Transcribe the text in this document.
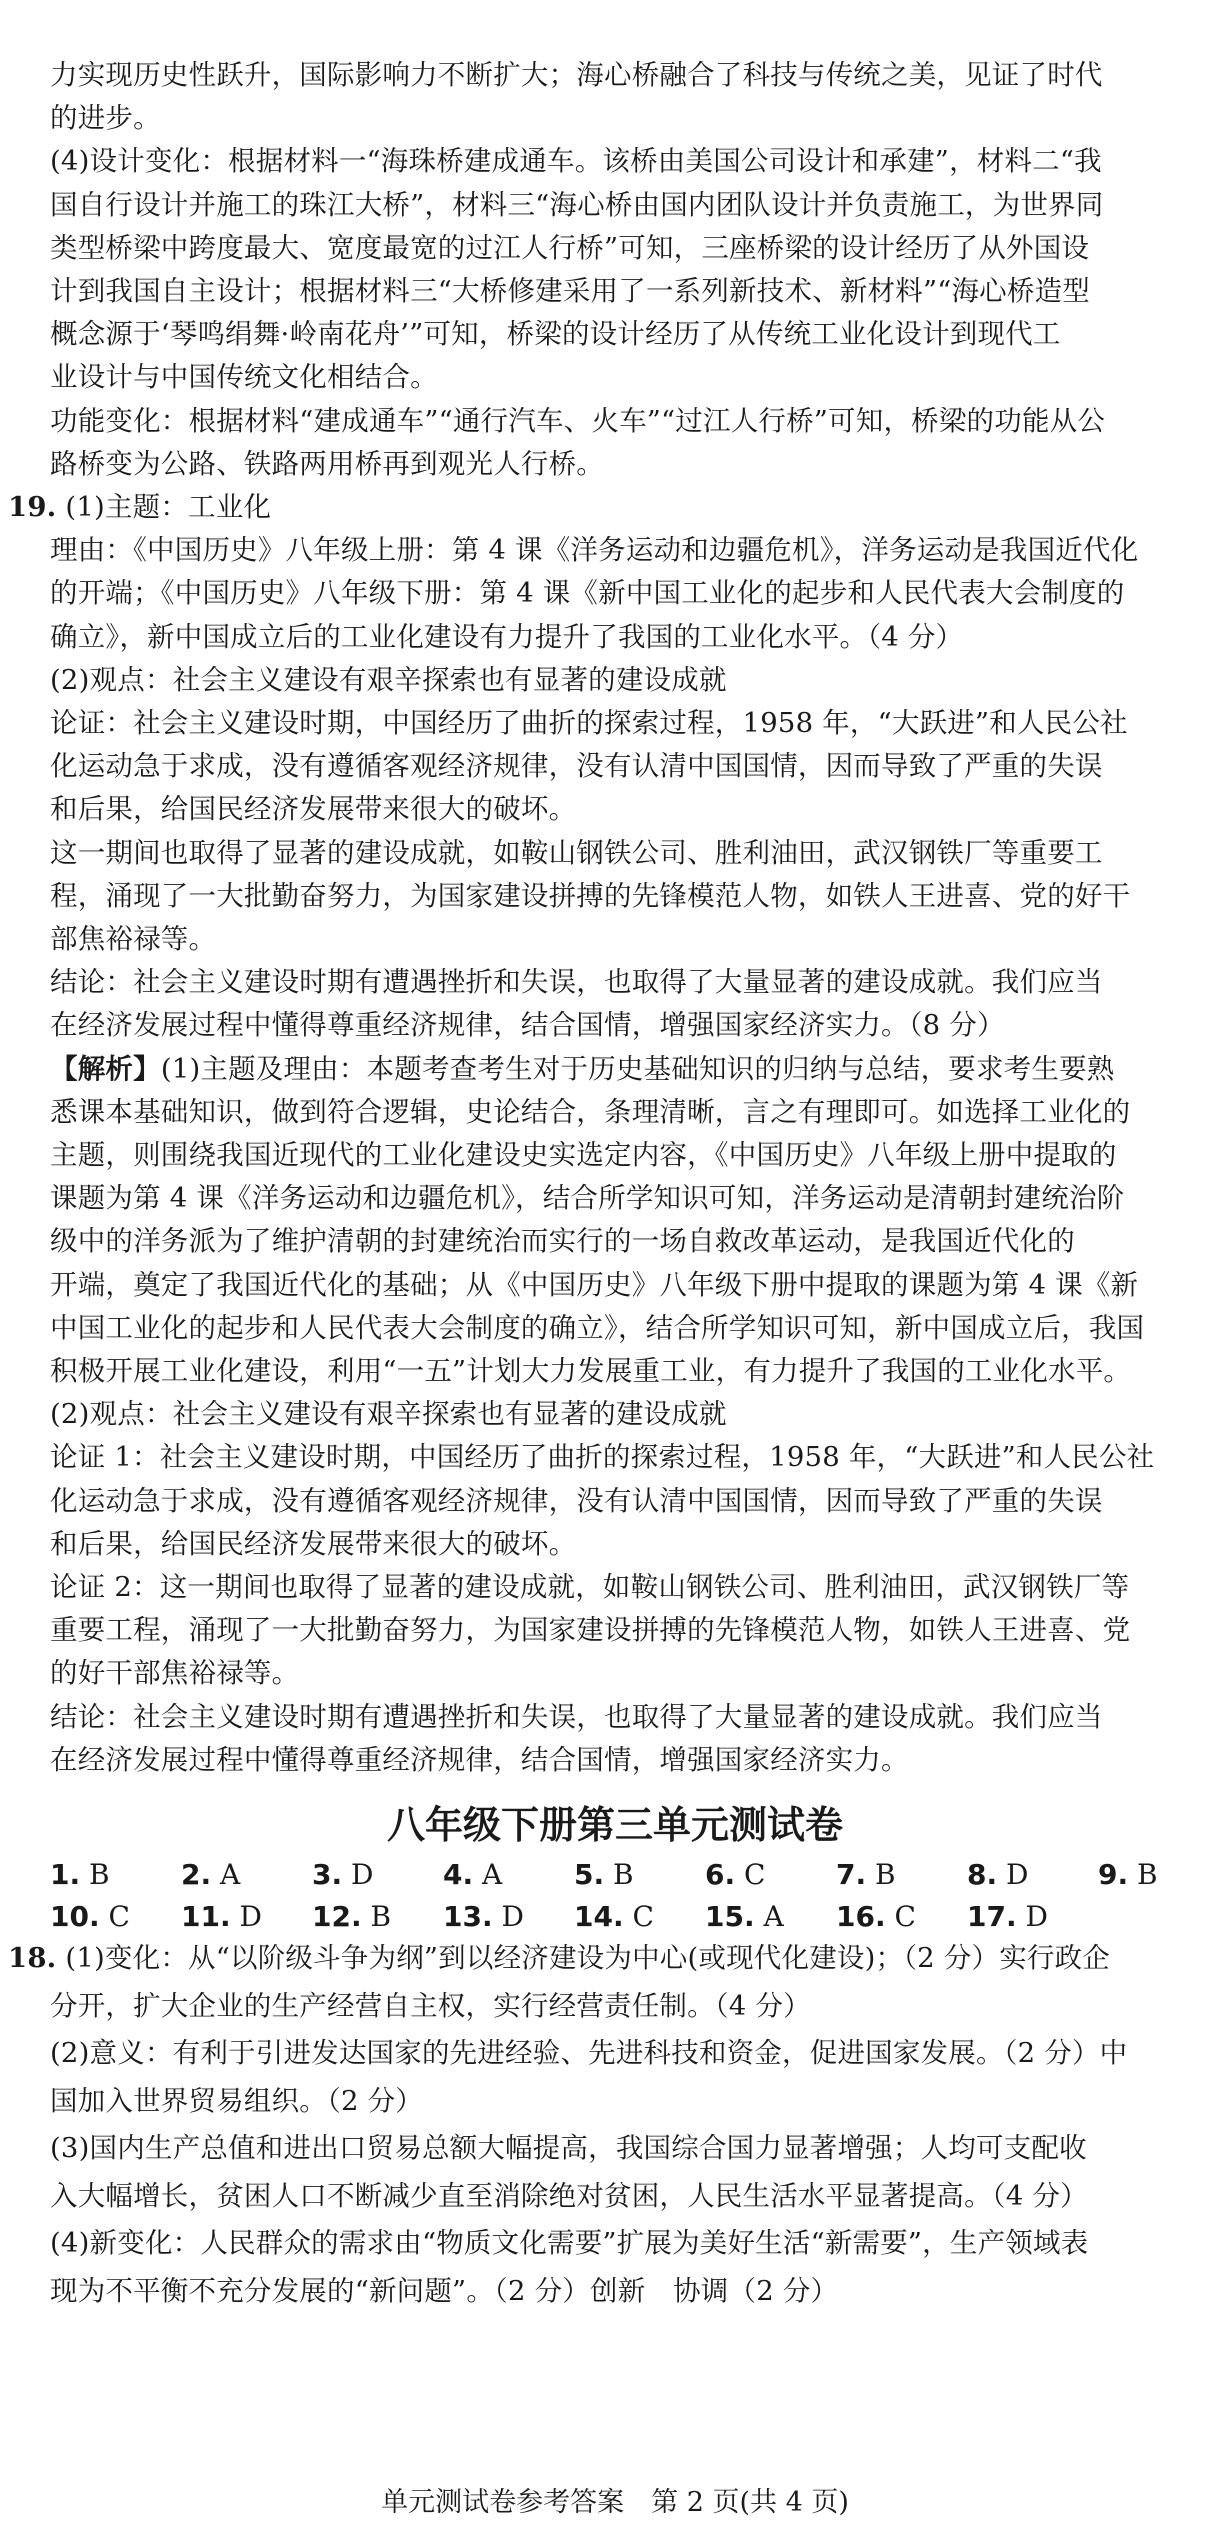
力实现历史性跃升，国际影响力不断扩大；海心桥融合了科技与传统之美，见证了时代
的进步。
(4)设计变化：根据材料一“海珠桥建成通车。该桥由美国公司设计和承建”，材料二“我
国自行设计并施工的珠江大桥”，材料三“海心桥由国内团队设计并负责施工，为世界同
类型桥梁中跨度最大、宽度最宽的过江人行桥”可知，三座桥梁的设计经历了从外国设
计到我国自主设计；根据材料三“大桥修建采用了一系列新技术、新材料”“海心桥造型
概念源于‘琴鸣绢舞·岭南花舟’”可知，桥梁的设计经历了从传统工业化设计到现代工
业设计与中国传统文化相结合。
功能变化：根据材料“建成通车”“通行汽车、火车”“过江人行桥”可知，桥梁的功能从公
路桥变为公路、铁路两用桥再到观光人行桥。
19. (1)主题：工业化
理由：《中国历史》八年级上册：第 4 课《洋务运动和边疆危机》，洋务运动是我国近代化
的开端；《中国历史》八年级下册：第 4 课《新中国工业化的起步和人民代表大会制度的
确立》，新中国成立后的工业化建设有力提升了我国的工业化水平。（4 分）
(2)观点：社会主义建设有艰辛探索也有显著的建设成就
论证：社会主义建设时期，中国经历了曲折的探索过程，1958 年，“大跃进”和人民公社
化运动急于求成，没有遵循客观经济规律，没有认清中国国情，因而导致了严重的失误
和后果，给国民经济发展带来很大的破坏。
这一期间也取得了显著的建设成就，如鞍山钢铁公司、胜利油田，武汉钢铁厂等重要工
程，涌现了一大批勤奋努力，为国家建设拼搏的先锋模范人物，如铁人王进喜、党的好干
部焦裕禄等。
结论：社会主义建设时期有遭遇挫折和失误，也取得了大量显著的建设成就。我们应当
在经济发展过程中懂得尊重经济规律，结合国情，增强国家经济实力。（8 分）
【解析】(1)主题及理由：本题考查考生对于历史基础知识的归纳与总结，要求考生要熟
悉课本基础知识，做到符合逻辑，史论结合，条理清晰，言之有理即可。如选择工业化的
主题，则围绕我国近现代的工业化建设史实选定内容，《中国历史》八年级上册中提取的
课题为第 4 课《洋务运动和边疆危机》，结合所学知识可知，洋务运动是清朝封建统治阶
级中的洋务派为了维护清朝的封建统治而实行的一场自救改革运动，是我国近代化的
开端，奠定了我国近代化的基础；从《中国历史》八年级下册中提取的课题为第 4 课《新
中国工业化的起步和人民代表大会制度的确立》，结合所学知识可知，新中国成立后，我国
积极开展工业化建设，利用“一五”计划大力发展重工业，有力提升了我国的工业化水平。
(2)观点：社会主义建设有艰辛探索也有显著的建设成就
论证 1：社会主义建设时期，中国经历了曲折的探索过程，1958 年，“大跃进”和人民公社
化运动急于求成，没有遵循客观经济规律，没有认清中国国情，因而导致了严重的失误
和后果，给国民经济发展带来很大的破坏。
论证 2：这一期间也取得了显著的建设成就，如鞍山钢铁公司、胜利油田，武汉钢铁厂等
重要工程，涌现了一大批勤奋努力，为国家建设拼搏的先锋模范人物，如铁人王进喜、党
的好干部焦裕禄等。
结论：社会主义建设时期有遭遇挫折和失误，也取得了大量显著的建设成就。我们应当
在经济发展过程中懂得尊重经济规律，结合国情，增强国家经济实力。
八年级下册第三单元测试卷
1. B	2. A	3. D 4. A	5. B	6. C	7. B	8. D 9. B
10. C 11. D 12. B 13. D 14. C 15. A 16. C 17. D
18. (1)变化：从“以阶级斗争为纲”到以经济建设为中心(或现代化建设)；（2 分）实行政企
分开，扩大企业的生产经营自主权，实行经营责任制。（4 分）
(2)意义：有利于引进发达国家的先进经验、先进科技和资金，促进国家发展。（2 分）中
国加入世界贸易组织。（2 分）
(3)国内生产总值和进出口贸易总额大幅提高，我国综合国力显著增强；人均可支配收
入大幅增长，贫困人口不断减少直至消除绝对贫困，人民生活水平显著提高。（4 分）
(4)新变化：人民群众的需求由“物质文化需要”扩展为美好生活“新需要”，生产领域表
现为不平衡不充分发展的“新问题”。（2 分）创新　协调（2 分）
单元测试卷参考答案　第 2 页(共 4 页)
